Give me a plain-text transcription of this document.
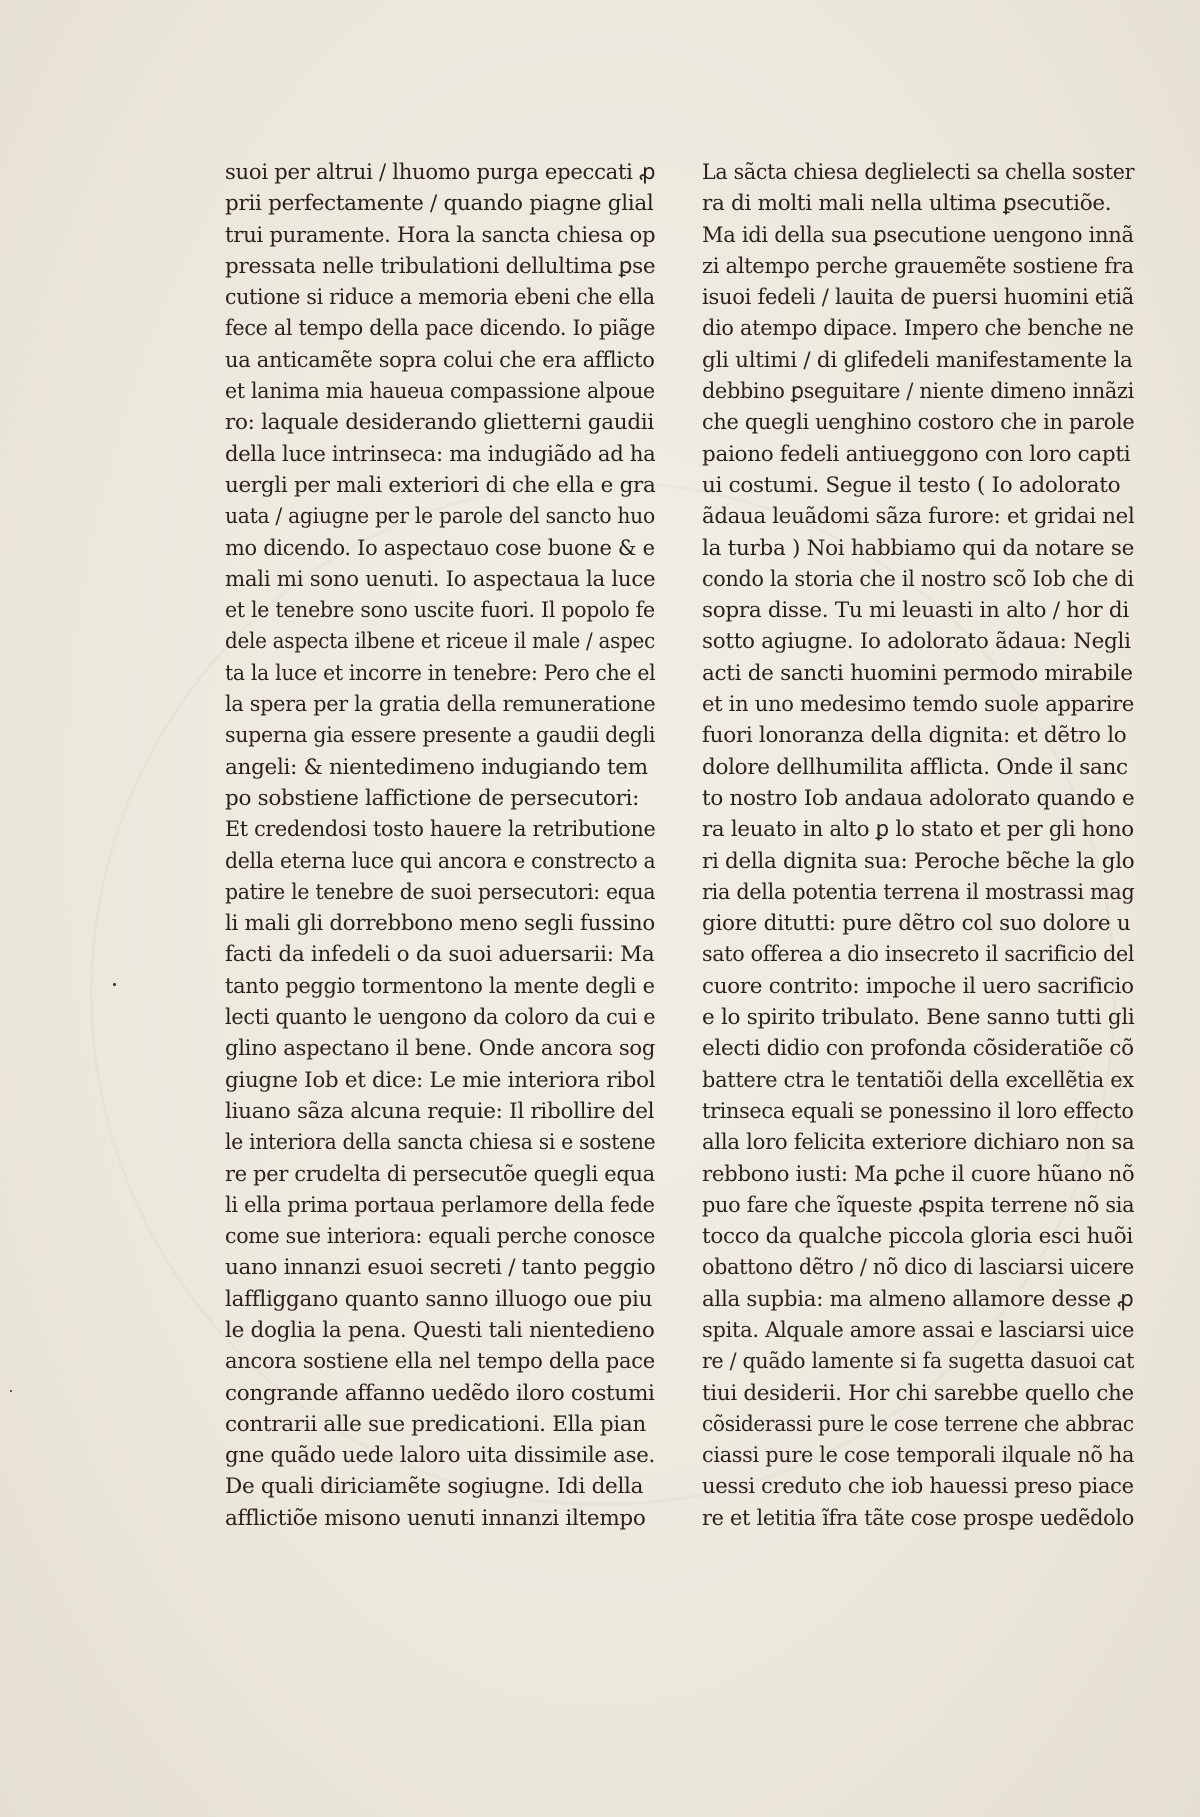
suoi per altrui / lhuomo purga epeccati ꝓ
prii perfectamente / quando piagne glial
trui puramente. Hora la sancta chiesa op
pressata nelle tribulationi dellultima ꝑse
cutione si riduce a memoria ebeni che ella
fece al tempo della pace dicendo. Io piãge
ua anticamẽte sopra colui che era afflicto
et lanima mia haueua compassione alpoue
ro: laquale desiderando glietterni gaudii
della luce intrinseca: ma indugiãdo ad ha
uergli per mali exteriori di che ella e gra
uata / agiugne per le parole del sancto huo
mo dicendo. Io aspectauo cose buone & e
mali mi sono uenuti. Io aspectaua la luce
et le tenebre sono uscite fuori. Il popolo fe
dele aspecta ilbene et riceue il male / aspec
ta la luce et incorre in tenebre: Pero che el
la spera per la gratia della remuneratione
superna gia essere presente a gaudii degli
angeli: & nientedimeno indugiando tem
po sobstiene laffictione de persecutori:
Et credendosi tosto hauere la retributione
della eterna luce qui ancora e constrecto a
patire le tenebre de suoi persecutori: equa
li mali gli dorrebbono meno segli fussino
facti da infedeli o da suoi aduersarii: Ma
tanto peggio tormentono la mente degli e
lecti quanto le uengono da coloro da cui e
glino aspectano il bene. Onde ancora sog
giugne Iob et dice: Le mie interiora ribol
liuano sãza alcuna requie: Il ribollire del
le interiora della sancta chiesa si e sostene
re per crudelta di persecutõe quegli equa
li ella prima portaua perlamore della fede
come sue interiora: equali perche conosce
uano innanzi esuoi secreti / tanto peggio
laffliggano quanto sanno illuogo oue piu
le doglia la pena. Questi tali nientedieno
ancora sostiene ella nel tempo della pace
congrande affanno uedẽdo iloro costumi
contrarii alle sue predicationi. Ella pian
gne quãdo uede laloro uita dissimile ase.
De quali diriciamẽte sogiugne. Idi della
afflictiõe misono uenuti innanzi iltempo
La sãcta chiesa deglielecti sa chella soster
ra di molti mali nella ultima ꝑsecutiõe.
Ma idi della sua ꝑsecutione uengono innã
zi altempo perche grauemẽte sostiene fra
isuoi fedeli / lauita de puersi huomini etiã
dio atempo dipace. Impero che benche ne
gli ultimi / di glifedeli manifestamente la
debbino ꝑseguitare / niente dimeno innãzi
che quegli uenghino costoro che in parole
paiono fedeli antiueggono con loro capti
ui costumi. Segue il testo ( Io adolorato
ãdaua leuãdomi sãza furore: et gridai nel
la turba ) Noi habbiamo qui da notare se
condo la storia che il nostro scõ Iob che di
sopra disse. Tu mi leuasti in alto / hor di
sotto agiugne. Io adolorato ãdaua: Negli
acti de sancti huomini permodo mirabile
et in uno medesimo temdo suole apparire
fuori lonoranza della dignita: et dẽtro lo
dolore dellhumilita afflicta. Onde il sanc
to nostro Iob andaua adolorato quando e
ra leuato in alto ꝑ lo stato et per gli hono
ri della dignita sua: Peroche bẽche la glo
ria della potentia terrena il mostrassi mag
giore ditutti: pure dẽtro col suo dolore u
sato offerea a dio insecreto il sacrificio del
cuore contrito: impoche il uero sacrificio
e lo spirito tribulato. Bene sanno tutti gli
electi didio con profonda cõsideratiõe cõ
battere ctra le tentatiõi della excellẽtia ex
trinseca equali se ponessino il loro effecto
alla loro felicita exteriore dichiaro non sa
rebbono iusti: Ma ꝑche il cuore hũano nõ
puo fare che ĩqueste ꝓspita terrene nõ sia
tocco da qualche piccola gloria esci huõi
obattono dẽtro / nõ dico di lasciarsi uicere
alla supbia: ma almeno allamore desse ꝓ
spita. Alquale amore assai e lasciarsi uice
re / quãdo lamente si fa sugetta dasuoi cat
tiui desiderii. Hor chi sarebbe quello che
cõsiderassi pure le cose terrene che abbrac
ciassi pure le cose temporali ilquale nõ ha
uessi creduto che iob hauessi preso piace
re et letitia ĩfra tãte cose prospe uedẽdolo
